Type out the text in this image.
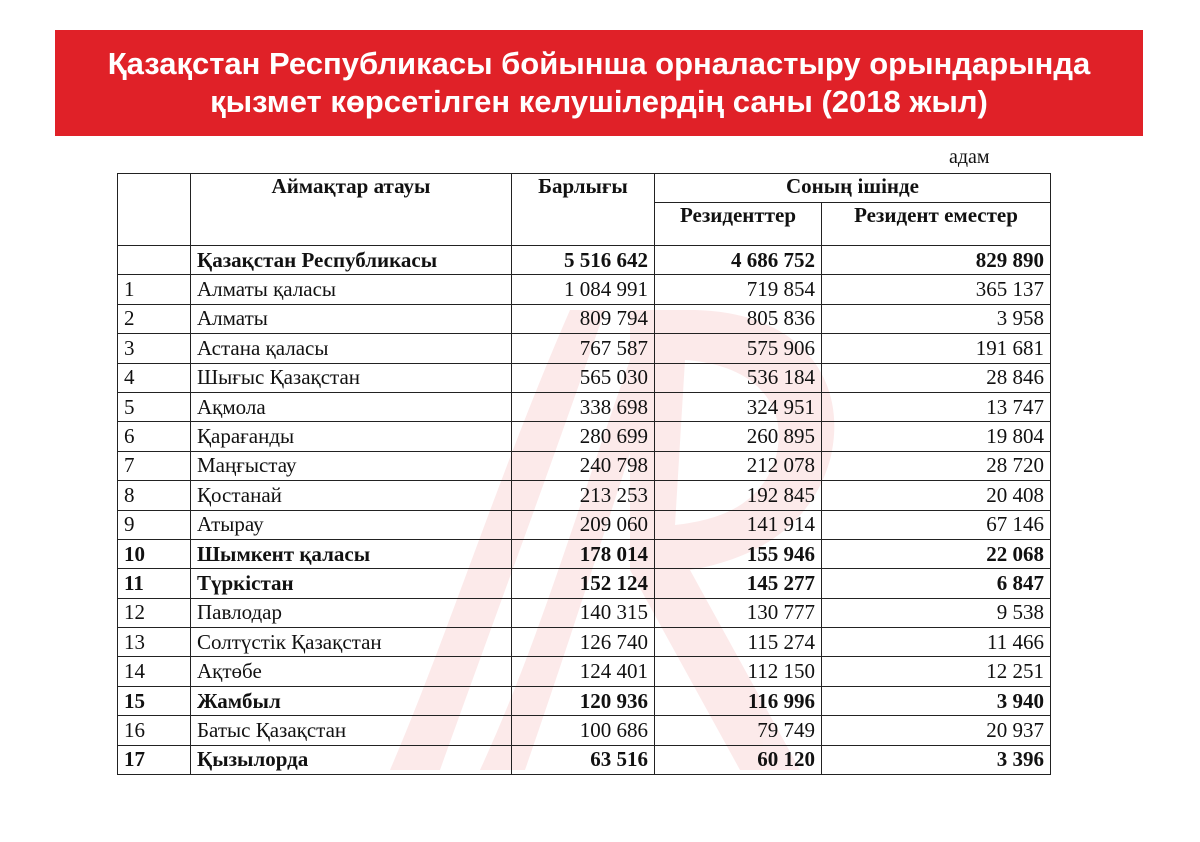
Қазақстан Республикасы бойынша орналастыру орындарында
қызмет көрсетілген келушілердің саны (2018 жыл)
адам
	Аймақтар атауы	Барлығы	Соның ішінде	
			Резиденттер	Резидент еместер
	Қазақстан Республикасы	5 516 642	4 686 752	829 890
1	Алматы қаласы	1 084 991	719 854	365 137
2	Алматы	809 794	805 836	3 958
3	Астана қаласы	767 587	575 906	191 681
4	Шығыс Қазақстан	565 030	536 184	28 846
5	Ақмола	338 698	324 951	13 747
6	Қарағанды	280 699	260 895	19 804
7	Маңғыстау	240 798	212 078	28 720
8	Қостанай	213 253	192 845	20 408
9	Атырау	209 060	141 914	67 146
10	Шымкент қаласы	178 014	155 946	22 068
11	Түркістан	152 124	145 277	6 847
12	Павлодар	140 315	130 777	9 538
13	Солтүстік Қазақстан	126 740	115 274	11 466
14	Ақтөбе	124 401	112 150	12 251
15	Жамбыл	120 936	116 996	3 940
16	Батыс Қазақстан	100 686	79 749	20 937
17	Қызылорда	63 516	60 120	3 396
